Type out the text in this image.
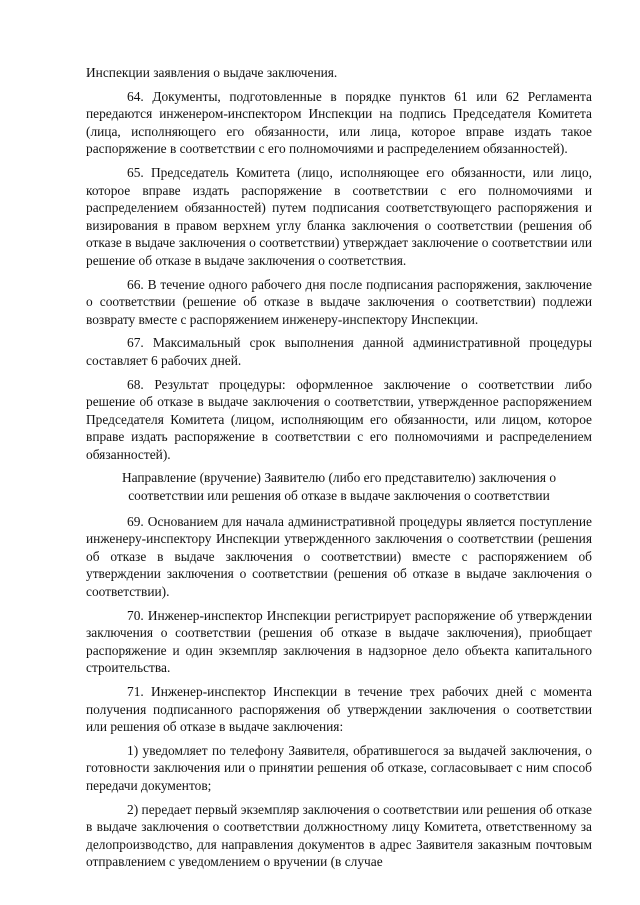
Инспекции заявления о выдаче заключения.

64. Документы, подготовленные в порядке пунктов 61 или 62 Регламента передаются инженером-инспектором Инспекции на подпись Председателя Комитета (лица, исполняющего его обязанности, или лица, которое вправе издать такое распоряжение в соответствии с его полномочиями и распределением обязанностей).

65. Председатель Комитета (лицо, исполняющее его обязанности, или лицо, которое вправе издать распоряжение в соответствии с его полномочиями и распределением обязанностей) путем подписания соответствующего распоряжения и визирования в правом верхнем углу бланка заключения о соответствии (решения об отказе в выдаче заключения о соответствии) утверждает заключение о соответствии или решение об отказе в выдаче заключения о соответствия.

66. В течение одного рабочего дня после подписания распоряжения, заключение о соответствии (решение об отказе в выдаче заключения о соответствии) подлежи возврату вместе с распоряжением инженеру-инспектору Инспекции.

67. Максимальный срок выполнения данной административной процедуры составляет 6 рабочих дней.

68. Результат процедуры: оформленное заключение о соответствии либо решение об отказе в выдаче заключения о соответствии, утвержденное распоряжением Председателя Комитета (лицом, исполняющим его обязанности, или лицом, которое вправе издать распоряжение в соответствии с его полномочиями и распределением обязанностей).

Направление (вручение) Заявителю (либо его представителю) заключения о соответствии или решения об отказе в выдаче заключения о соответствии

69. Основанием для начала административной процедуры является поступление инженеру-инспектору Инспекции утвержденного заключения о соответствии (решения об отказе в выдаче заключения о соответствии) вместе с распоряжением об утверждении заключения о соответствии (решения об отказе в выдаче заключения о соответствии).

70. Инженер-инспектор Инспекции регистрирует распоряжение об утверждении заключения о соответствии (решения об отказе в выдаче заключения), приобщает распоряжение и один экземпляр заключения в надзорное дело объекта капитального строительства.

71. Инженер-инспектор Инспекции в течение трех рабочих дней с момента получения подписанного распоряжения об утверждении заключения о соответствии или решения об отказе в выдаче заключения:

1) уведомляет по телефону Заявителя, обратившегося за выдачей заключения, о готовности заключения или о принятии решения об отказе, согласовывает с ним способ передачи документов;

2) передает первый экземпляр заключения о соответствии или решения об отказе в выдаче заключения о соответствии должностному лицу Комитета, ответственному за делопроизводство, для направления документов в адрес Заявителя заказным почтовым отправлением с уведомлением о вручении (в случае
